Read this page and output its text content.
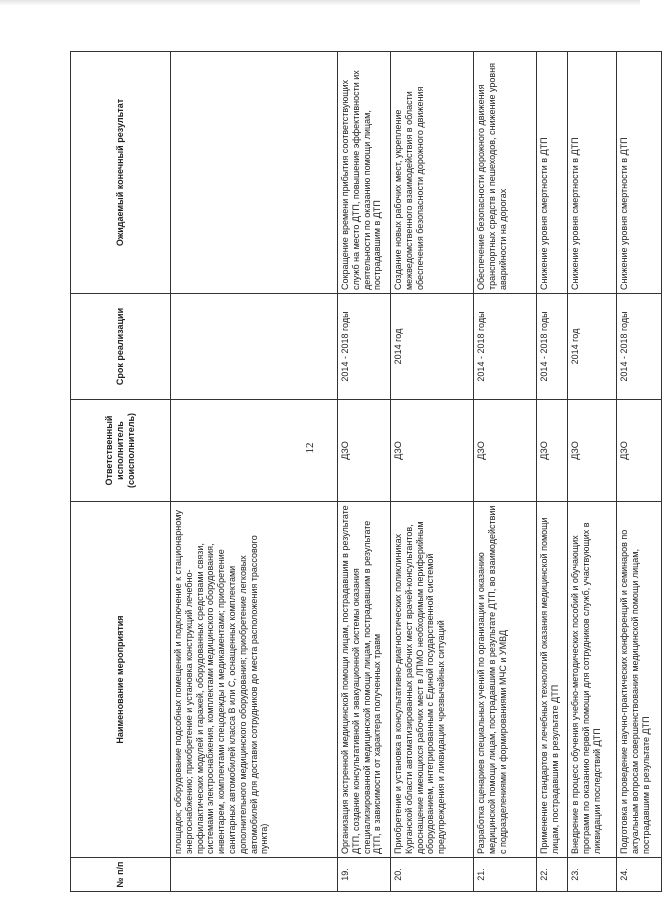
12
№ п/п	Наименование мероприятия	Ответственный исполнитель (соисполнитель)	Срок реализации	Ожидаемый конечный результат
	площадок; оборудование подсобных помещений и подключение к стационарному энергоснабжению; приобретение и установка конструкций лечебно-профилактических модулей и гаражей, оборудованных средствами связи, системами электроснабжения, комплектами медицинского оборудования, инвентарем, комплектами спецодежды и медикаментами; приобретение санитарных автомобилей класса В или С, оснащенных комплектами дополнительного медицинского оборудования; приобретение легковых автомобилей для доставки сотрудников до места расположения трассового пункта)			
19.	Организация экстренной медицинской помощи лицам, пострадавшим в результате ДТП, создание консультативной и эвакуационной системы оказания специализированной медицинской помощи лицам, пострадавшим в результате ДТП, в зависимости от характера полученных травм	ДЗО	2014 - 2018 годы	Сокращение времени прибытия соответствующих служб на место ДТП, повышение эффективности их деятельности по оказанию помощи лицам, пострадавшим в ДТП
20.	Приобретение и установка в консультативно-диагностических поликлиниках Курганской области автоматизированных рабочих мест врачей-консультантов, дооснащение имеющихся рабочих мест в ЛПМО необходимым периферийным оборудованием, интегрированным с Единой государственной системой предупреждения и ликвидации чрезвычайных ситуаций	ДЗО	2014 год	Создание новых рабочих мест, укрепление межведомственного взаимодействия в области обеспечения безопасности дорожного движения
21.	Разработка сценариев специальных учений по организации и оказанию медицинской помощи лицам, пострадавшим в результате ДТП, во взаимодействии с подразделениями и формированиями МЧС и УМВД	ДЗО	2014 - 2018 годы	Обеспечение безопасности дорожного движения транспортных средств и пешеходов, снижение уровня аварийности на дорогах
22.	Применение стандартов и лечебных технологий оказания медицинской помощи лицам, пострадавшим в результате ДТП	ДЗО	2014 - 2018 годы	Снижение уровня смертности в ДТП
23.	Внедрение в процесс обучения учебно-методических пособий и обучающих программ по оказанию первой помощи для сотрудников служб, участвующих в ликвидации последствий ДТП	ДЗО	2014 год	Снижение уровня смертности в ДТП
24.	Подготовка и проведение научно-практических конференций и семинаров по актуальным вопросам совершенствования медицинской помощи лицам, пострадавшим в результате ДТП	ДЗО	2014 - 2018 годы	Снижение уровня смертности в ДТП
